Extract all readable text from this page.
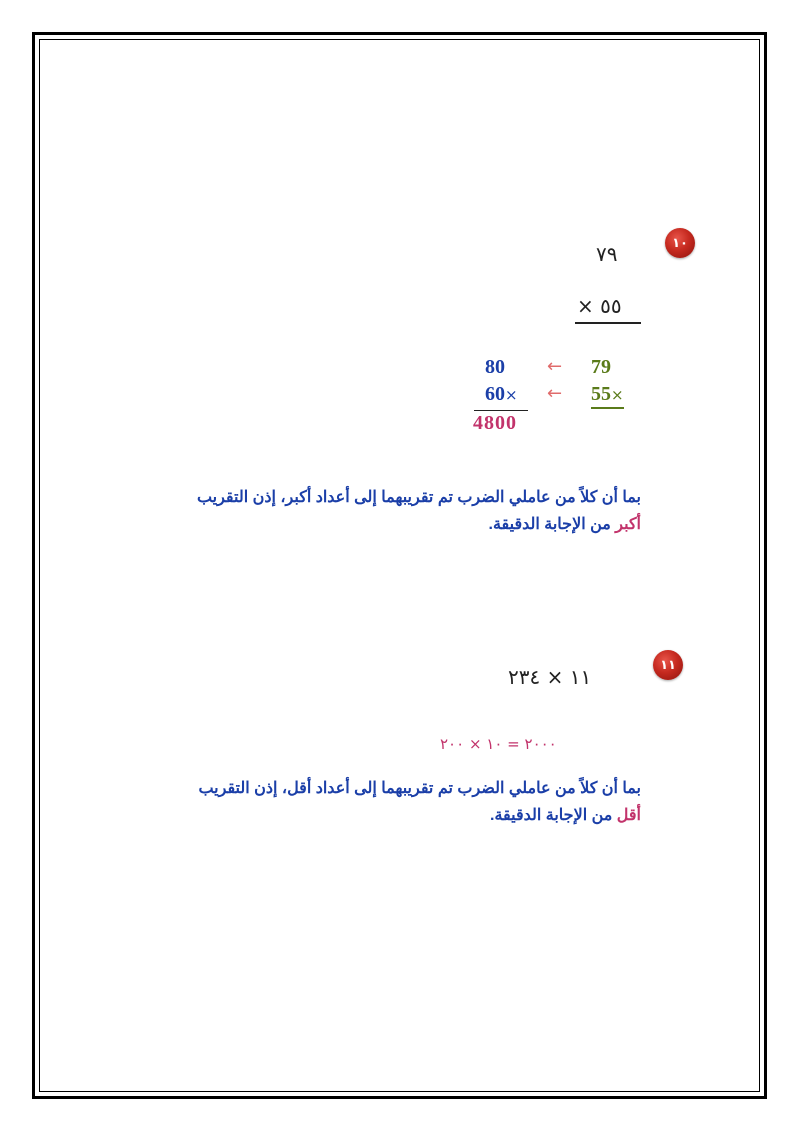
١٠
٧٩
٥٥ ×
80 ← 79
60× ← 55×
4800
بما أن كلاً من عاملي الضرب تم تقريبهما إلى أعداد أكبر، إذن التقريب
أكبر من الإجابة الدقيقة.
١١
١١ × ٢٣٤
٢٠٠٠ = ١٠ × ٢٠٠
بما أن كلاً من عاملي الضرب تم تقريبهما إلى أعداد أقل، إذن التقريب
أقل من الإجابة الدقيقة.
